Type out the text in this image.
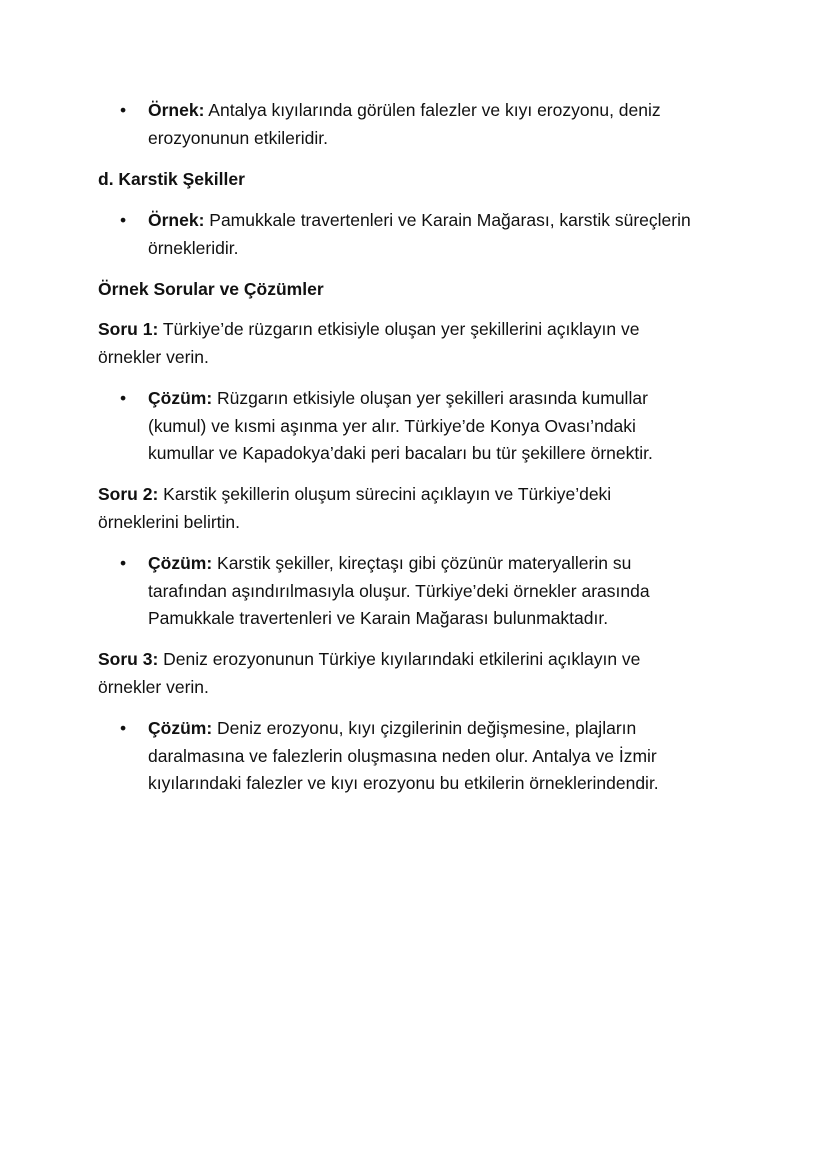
•	Örnek: Antalya kıyılarında görülen falezler ve kıyı erozyonu, deniz erozyonunun etkileridir.
d. Karstik Şekiller
•	Örnek: Pamukkale travertenleri ve Karain Mağarası, karstik süreçlerin örnekleridir.
Örnek Sorular ve Çözümler
Soru 1: Türkiye’de rüzgarın etkisiyle oluşan yer şekillerini açıklayın ve örnekler verin.
•	Çözüm: Rüzgarın etkisiyle oluşan yer şekilleri arasında kumullar (kumul) ve kısmi aşınma yer alır. Türkiye’de Konya Ovası’ndaki kumullar ve Kapadokya’daki peri bacaları bu tür şekillere örnektir.
Soru 2: Karstik şekillerin oluşum sürecini açıklayın ve Türkiye’deki örneklerini belirtin.
•	Çözüm: Karstik şekiller, kireçtaşı gibi çözünür materyallerin su tarafından aşındırılmasıyla oluşur. Türkiye’deki örnekler arasında Pamukkale travertenleri ve Karain Mağarası bulunmaktadır.
Soru 3: Deniz erozyonunun Türkiye kıyılarındaki etkilerini açıklayın ve örnekler verin.
•	Çözüm: Deniz erozyonu, kıyı çizgilerinin değişmesine, plajların daralmasına ve falezlerin oluşmasına neden olur. Antalya ve İzmir kıyılarındaki falezler ve kıyı erozyonu bu etkilerin örneklerindendir.
